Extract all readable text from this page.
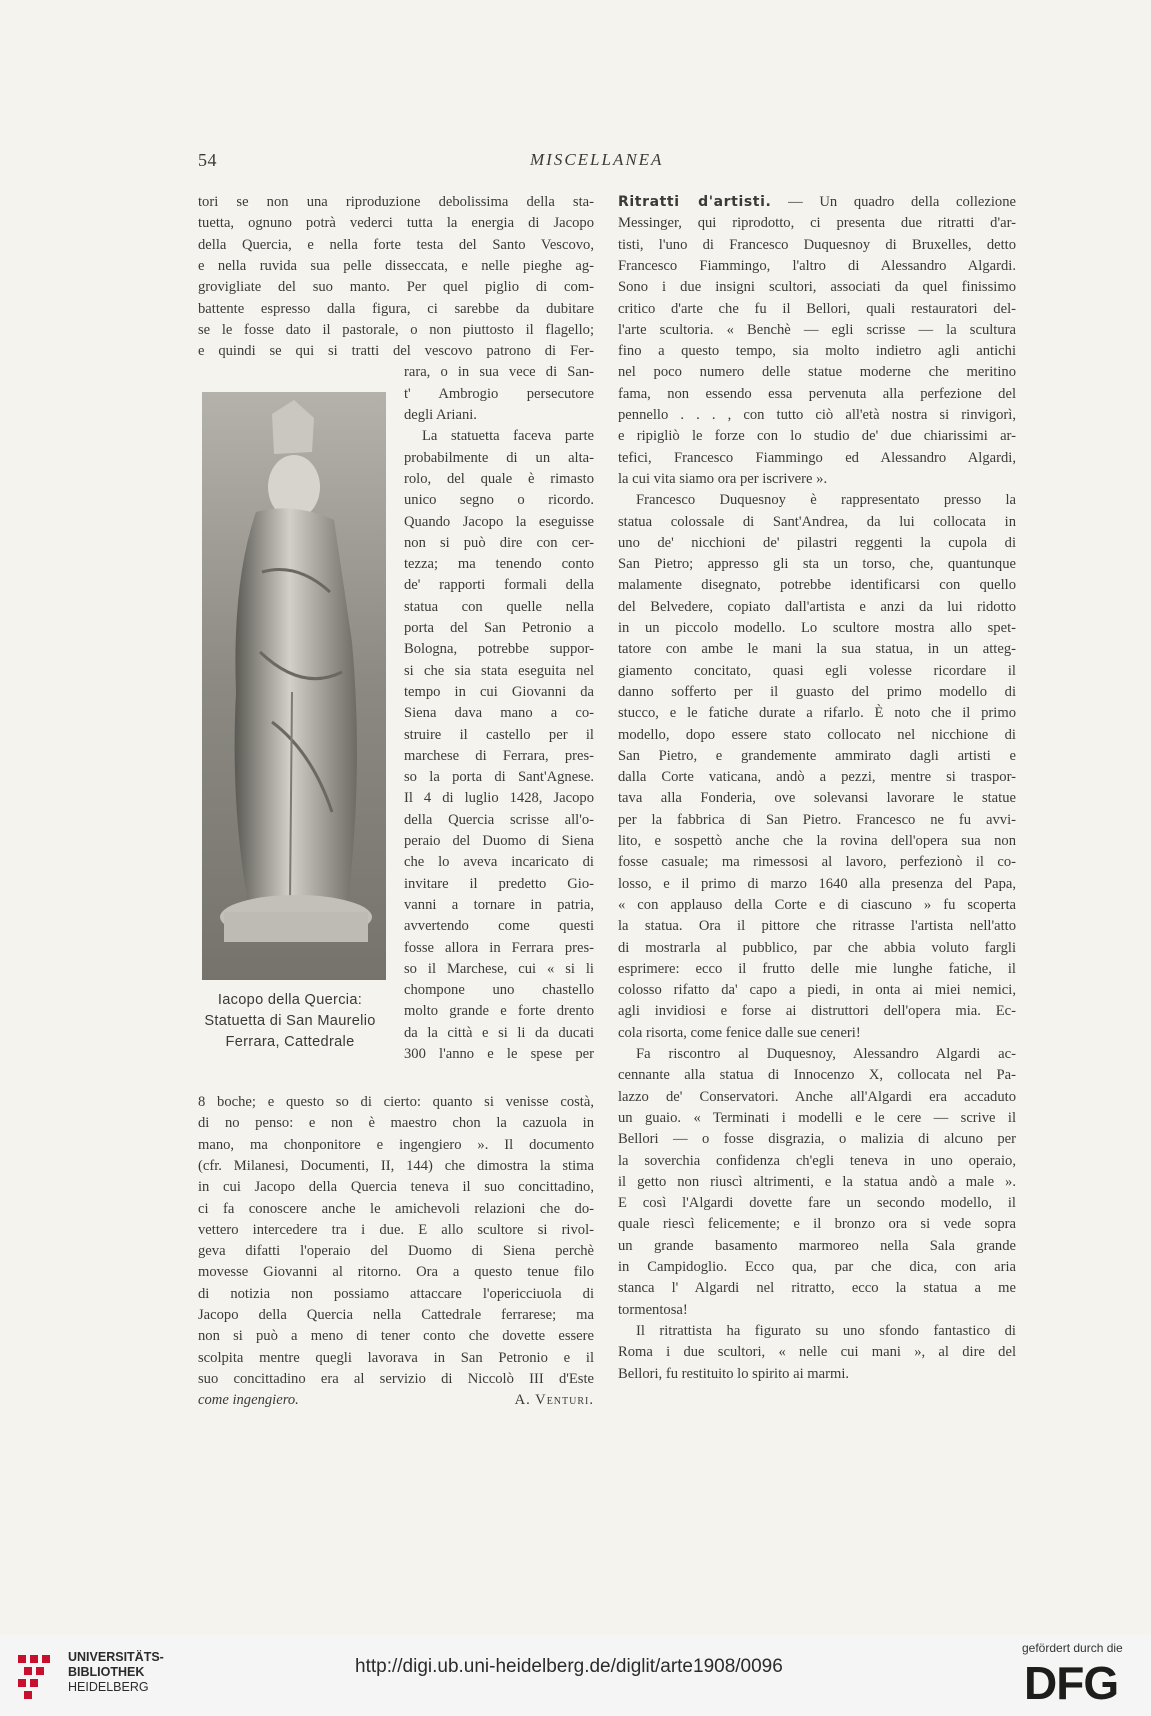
54	MISCELLANEA
tori se non una riproduzione debolissima della sta-
tuetta, ognuno potrà vederci tutta la energia di Jacopo
della Quercia, e nella forte testa del Santo Vescovo,
e nella ruvida sua pelle disseccata, e nelle pieghe ag-
grovigliate del suo manto. Per quel piglio di com-
battente espresso dalla figura, ci sarebbe da dubitare
se le fosse dato il pastorale, o non piuttosto il flagello;
e quindi se qui si tratti del vescovo patrono di Fer-
rara, o in sua vece di San-
t' Ambrogio persecutore
degli Ariani.
La statuetta faceva parte
probabilmente di un alta-
rolo, del quale è rimasto
unico segno o ricordo.
Quando Jacopo la eseguisse
non si può dire con cer-
tezza; ma tenendo conto
de' rapporti formali della
statua con quelle nella
porta del San Petronio a
Bologna, potrebbe suppor-
si che sia stata eseguita nel
tempo in cui Giovanni da
Siena dava mano a co-
struire il castello per il
marchese di Ferrara, pres-
so la porta di Sant'Agnese.
Il 4 di luglio 1428, Jacopo
della Quercia scrisse all'o-
peraio del Duomo di Siena
che lo aveva incaricato di
invitare il predetto Gio-
vanni a tornare in patria,
avvertendo come questi
fosse allora in Ferrara pres-
so il Marchese, cui « si li
chompone uno chastello
molto grande e forte drento
da la città e si li da ducati
300 l'anno e le spese per
Iacopo della Quercia:
Statuetta di San Maurelio
Ferrara, Cattedrale
8 boche; e questo so di cierto: quanto si venisse costà,
di no penso: e non è maestro chon la cazuola in
mano, ma chonponitore e ingengiero ». Il documento
(cfr. Milanesi, Documenti, II, 144) che dimostra la stima
in cui Jacopo della Quercia teneva il suo concittadino,
ci fa conoscere anche le amichevoli relazioni che do-
vettero intercedere tra i due. E allo scultore si rivol-
geva difatti l'operaio del Duomo di Siena perchè
movesse Giovanni al ritorno. Ora a questo tenue filo
di notizia non possiamo attaccare l'opericciuola di
Jacopo della Quercia nella Cattedrale ferrarese; ma
non si può a meno di tener conto che dovette essere
scolpita mentre quegli lavorava in San Petronio e il
suo concittadino era al servizio di Niccolò III d'Este
come ingengiero.	A. Venturi.
Ritratti d'artisti. — Un quadro della collezione
Messinger, qui riprodotto, ci presenta due ritratti d'ar-
tisti, l'uno di Francesco Duquesnoy di Bruxelles, detto
Francesco Fiammingo, l'altro di Alessandro Algardi.
Sono i due insigni scultori, associati da quel finissimo
critico d'arte che fu il Bellori, quali restauratori del-
l'arte scultoria. « Benchè — egli scrisse — la scultura
fino a questo tempo, sia molto indietro agli antichi
nel poco numero delle statue moderne che meritino
fama, non essendo essa pervenuta alla perfezione del
pennello . . . , con tutto ciò all'età nostra si rinvigorì,
e ripigliò le forze con lo studio de' due chiarissimi ar-
tefici, Francesco Fiammingo ed Alessandro Algardi,
la cui vita siamo ora per iscrivere ».
Francesco Duquesnoy è rappresentato presso la
statua colossale di Sant'Andrea, da lui collocata in
uno de' nicchioni de' pilastri reggenti la cupola di
San Pietro; appresso gli sta un torso, che, quantunque
malamente disegnato, potrebbe identificarsi con quello
del Belvedere, copiato dall'artista e anzi da lui ridotto
in un piccolo modello. Lo scultore mostra allo spet-
tatore con ambe le mani la sua statua, in un atteg-
giamento concitato, quasi egli volesse ricordare il
danno sofferto per il guasto del primo modello di
stucco, e le fatiche durate a rifarlo. È noto che il primo
modello, dopo essere stato collocato nel nicchione di
San Pietro, e grandemente ammirato dagli artisti e
dalla Corte vaticana, andò a pezzi, mentre si traspor-
tava alla Fonderia, ove solevansi lavorare le statue
per la fabbrica di San Pietro. Francesco ne fu avvi-
lito, e sospettò anche che la rovina dell'opera sua non
fosse casuale; ma rimessosi al lavoro, perfezionò il co-
losso, e il primo di marzo 1640 alla presenza del Papa,
« con applauso della Corte e di ciascuno » fu scoperta
la statua. Ora il pittore che ritrasse l'artista nell'atto
di mostrarla al pubblico, par che abbia voluto fargli
esprimere: ecco il frutto delle mie lunghe fatiche, il
colosso rifatto da' capo a piedi, in onta ai miei nemici,
agli invidiosi e forse ai distruttori dell'opera mia. Ec-
cola risorta, come fenice dalle sue ceneri!
Fa riscontro al Duquesnoy, Alessandro Algardi ac-
cennante alla statua di Innocenzo X, collocata nel Pa-
lazzo de' Conservatori. Anche all'Algardi era accaduto
un guaio. « Terminati i modelli e le cere — scrive il
Bellori — o fosse disgrazia, o malizia di alcuno per
la soverchia confidenza ch'egli teneva in uno operaio,
il getto non riuscì altrimenti, e la statua andò a male ».
E così l'Algardi dovette fare un secondo modello, il
quale riescì felicemente; e il bronzo ora si vede sopra
un grande basamento marmoreo nella Sala grande
in Campidoglio. Ecco qua, par che dica, con aria
stanca l' Algardi nel ritratto, ecco la statua a me
tormentosa!
Il ritrattista ha figurato su uno sfondo fantastico di
Roma i due scultori, « nelle cui mani », al dire del
Bellori, fu restituito lo spirito ai marmi.
UNIVERSITÄTS-
BIBLIOTHEK
HEIDELBERG
http://digi.ub.uni-heidelberg.de/diglit/arte1908/0096
gefördert durch die
DFG
